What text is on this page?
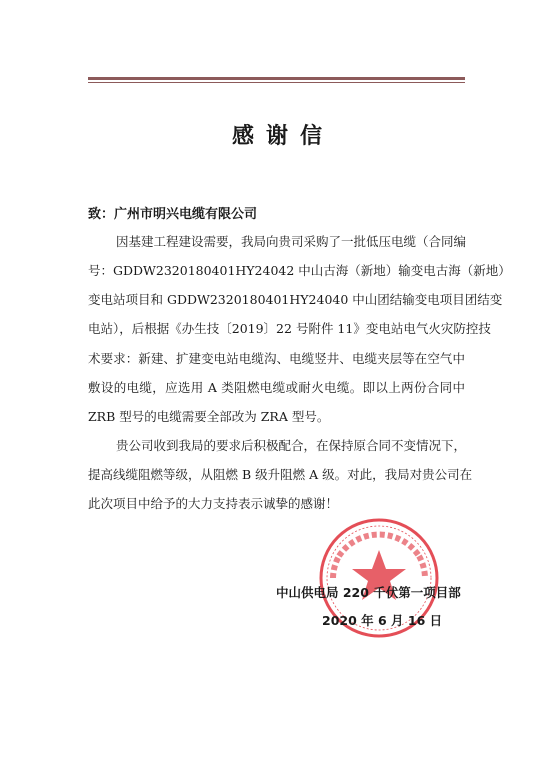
感谢信
致：广州市明兴电缆有限公司
因基建工程建设需要，我局向贵司采购了一批低压电缆（合同编
号：GDDW2320180401HY24042 中山古海（新地）输变电古海（新地）
变电站项目和 GDDW2320180401HY24040 中山团结输变电项目团结变
电站），后根据《办生技〔2019〕22 号附件 11》变电站电气火灾防控技
术要求：新建、扩建变电站电缆沟、电缆竖井、电缆夹层等在空气中
敷设的电缆，应选用 A 类阻燃电缆或耐火电缆。即以上两份合同中
ZRB 型号的电缆需要全部改为 ZRA 型号。
贵公司收到我局的要求后积极配合，在保持原合同不变情况下，
提高线缆阻燃等级，从阻燃 B 级升阻燃 A 级。对此，我局对贵公司在
此次项目中给予的大力支持表示诚挚的感谢！
中山供电局 220 千伏第一项目部
2020 年 6 月 16 日
